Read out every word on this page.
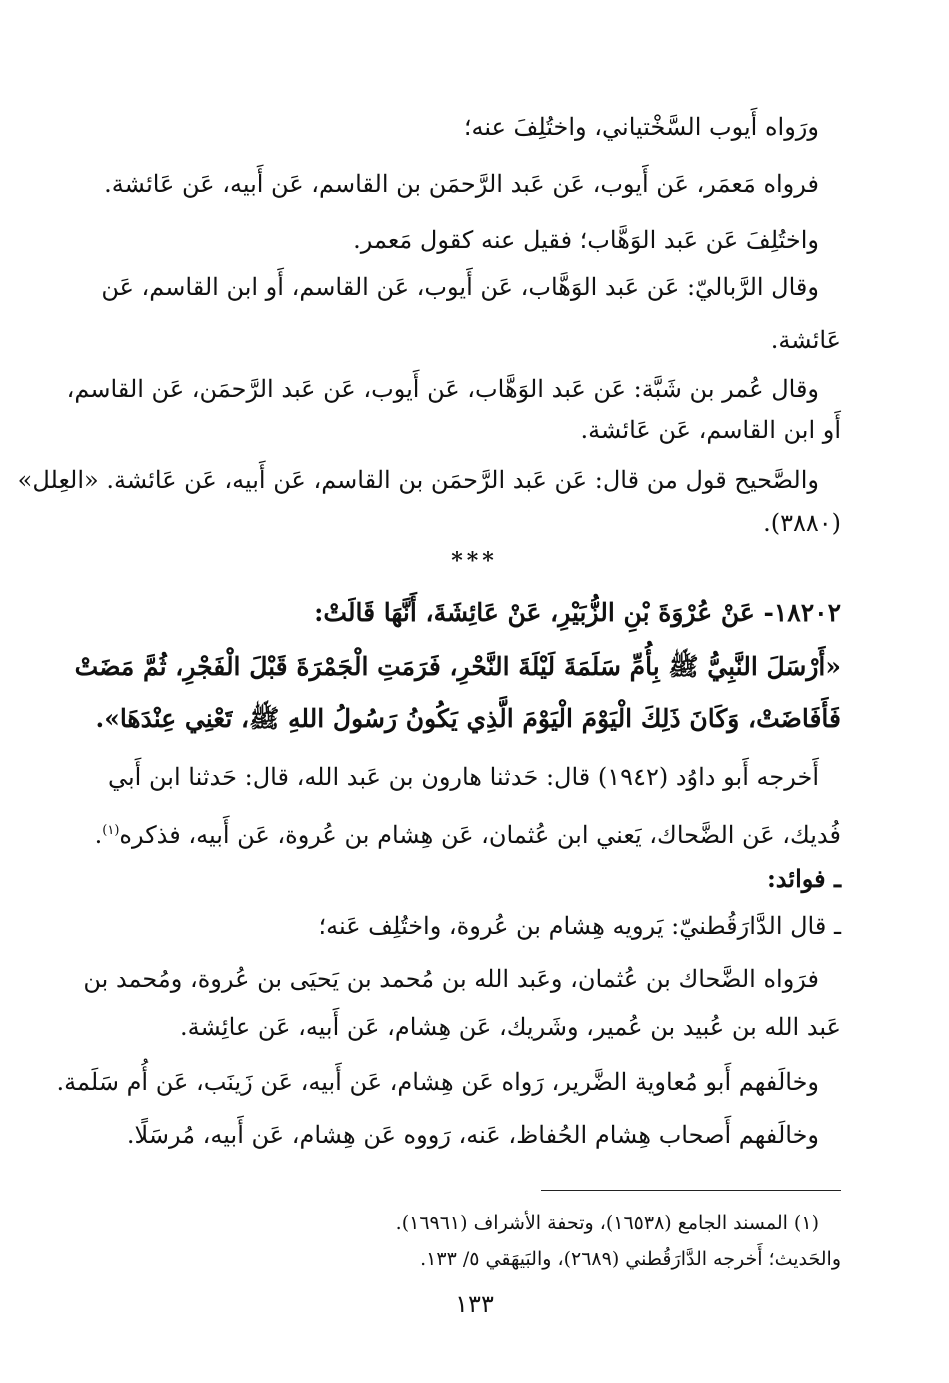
ورَواه أَيوب السَّخْتياني، واختُلِفَ عنه؛
فرواه مَعمَر، عَن أَيوب، عَن عَبد الرَّحمَن بن القاسم، عَن أَبيه، عَن عَائشة.
واختُلِفَ عَن عَبد الوَهَّاب؛ فقيل عنه كقول مَعمر.
وقال الرَّباليّ: عَن عَبد الوَهَّاب، عَن أَيوب، عَن القاسم، أَو ابن القاسم، عَن
عَائشة.
وقال عُمر بن شَبَّة: عَن عَبد الوَهَّاب، عَن أَيوب، عَن عَبد الرَّحمَن، عَن القاسم،
أَو ابن القاسم، عَن عَائشة.
والصَّحيح قول من قال: عَن عَبد الرَّحمَن بن القاسم، عَن أَبيه، عَن عَائشة. «العِلل»
(٣٨٨٠).
***
١٨٢٠٢- عَنْ عُرْوَةَ بْنِ الزُّبَيْرِ، عَنْ عَائِشَةَ، أَنَّهَا قَالَتْ:
«أَرْسَلَ النَّبِيُّ ﷺ بِأُمِّ سَلَمَةَ لَيْلَةَ النَّحْرِ، فَرَمَتِ الْجَمْرَةَ قَبْلَ الْفَجْرِ، ثُمَّ مَضَتْ
فَأَفَاضَتْ، وَكَانَ ذَلِكَ الْيَوْمَ الْيَوْمَ الَّذِي يَكُونُ رَسُولُ اللهِ ﷺ، تَعْنِي عِنْدَهَا».
أَخرجه أَبو داوُد (١٩٤٢) قال: حَدثنا هارون بن عَبد الله، قال: حَدثنا ابن أَبي
فُديك، عَن الضَّحاك، يَعني ابن عُثمان، عَن هِشام بن عُروة، عَن أَبيه، فذكره$^{(١)}$.
ـ فوائد:
ـ قال الدَّارَقُطنيّ: يَرويه هِشام بن عُروة، واختُلِف عَنه؛
فرَواه الضَّحاك بن عُثمان، وعَبد الله بن مُحمد بن يَحيَى بن عُروة، ومُحمد بن
عَبد الله بن عُبيد بن عُمير، وشَريك، عَن هِشام، عَن أَبيه، عَن عائِشة.
وخالَفهم أَبو مُعاوية الضَّرير، رَواه عَن هِشام، عَن أَبيه، عَن زَينَب، عَن أُم سَلَمة.
وخالَفهم أَصحاب هِشام الحُفاظ، عَنه، رَووه عَن هِشام، عَن أَبيه، مُرسَلًا.
(١) المسند الجامع (١٦٥٣٨)، وتحفة الأشراف (١٦٩٦١).
والحَديث؛ أَخرجه الدَّارَقُطني (٢٦٨٩)، والبَيهَقي ٥/ ١٣٣.
١٣٣
